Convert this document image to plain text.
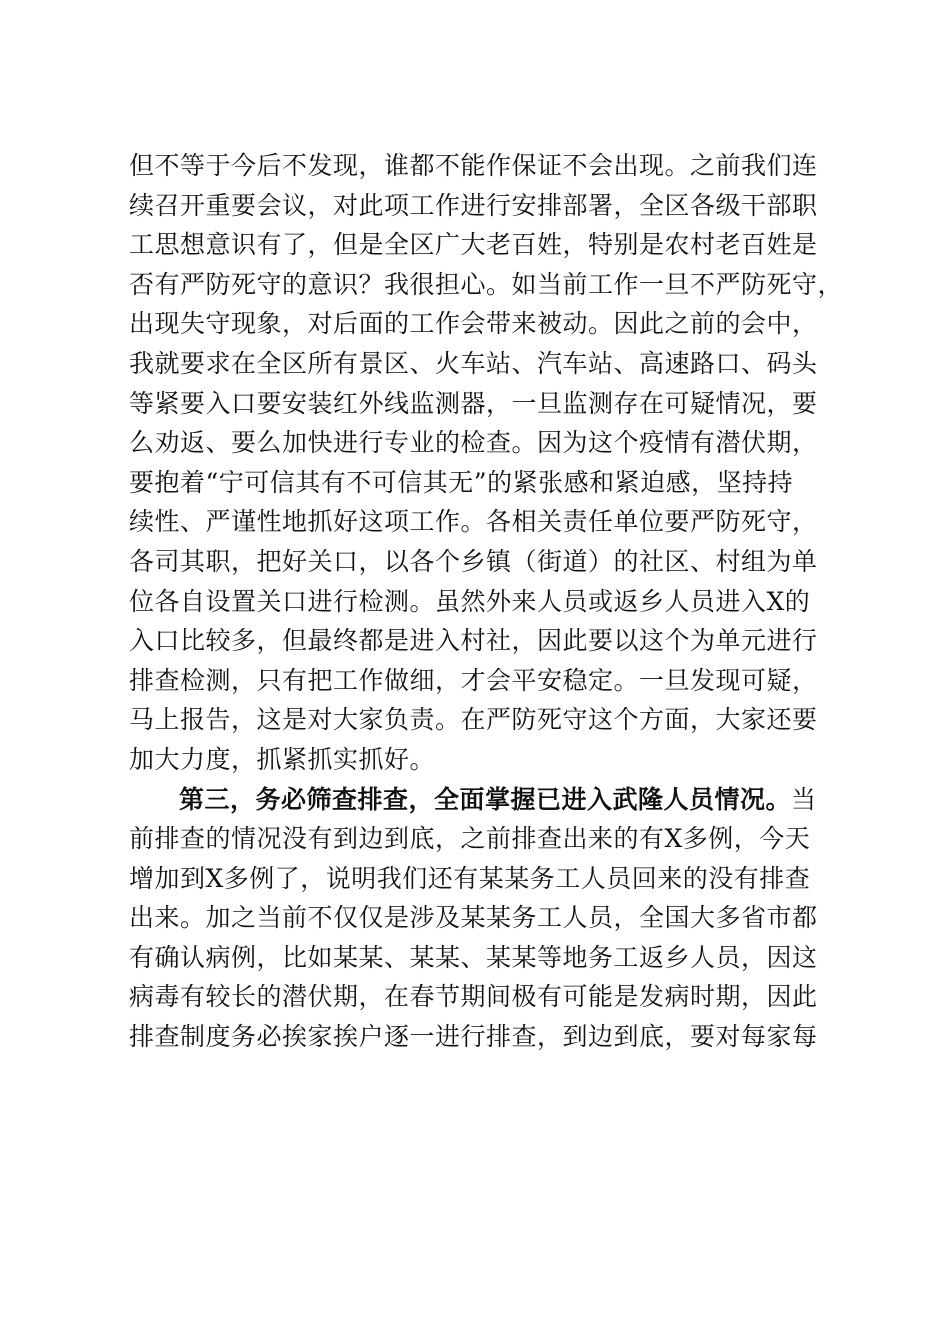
但不等于今后不发现，谁都不能作保证不会出现。之前我们连
续召开重要会议，对此项工作进行安排部署，全区各级干部职
工思想意识有了，但是全区广大老百姓，特别是农村老百姓是
否有严防死守的意识？我很担心。如当前工作一旦不严防死守，
出现失守现象，对后面的工作会带来被动。因此之前的会中，
我就要求在全区所有景区、火车站、汽车站、高速路口、码头
等紧要入口要安装红外线监测器，一旦监测存在可疑情况，要
么劝返、要么加快进行专业的检查。因为这个疫情有潜伏期，
要抱着“宁可信其有不可信其无”的紧张感和紧迫感，坚持持
续性、严谨性地抓好这项工作。各相关责任单位要严防死守，
各司其职，把好关口，以各个乡镇（街道）的社区、村组为单
位各自设置关口进行检测。虽然外来人员或返乡人员进入X的
入口比较多，但最终都是进入村社，因此要以这个为单元进行
排查检测，只有把工作做细，才会平安稳定。一旦发现可疑，
马上报告，这是对大家负责。在严防死守这个方面，大家还要
加大力度，抓紧抓实抓好。
第三，务必筛查排查，全面掌握已进入武隆人员情况。当
前排查的情况没有到边到底，之前排查出来的有X多例，今天
增加到X多例了，说明我们还有某某务工人员回来的没有排查
出来。加之当前不仅仅是涉及某某务工人员，全国大多省市都
有确认病例，比如某某、某某、某某等地务工返乡人员，因这
病毒有较长的潜伏期，在春节期间极有可能是发病时期，因此
排查制度务必挨家挨户逐一进行排查，到边到底，要对每家每
